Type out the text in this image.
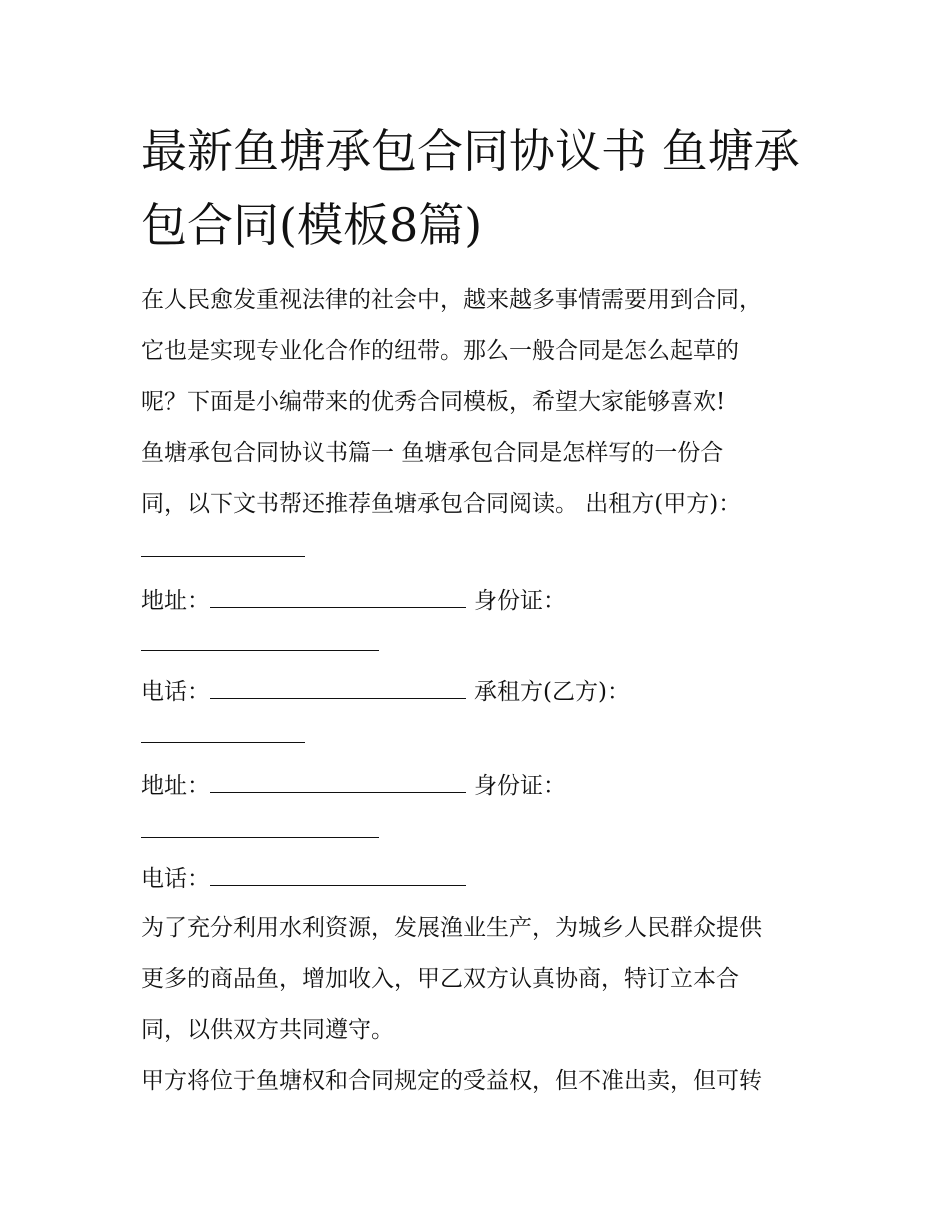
最新鱼塘承包合同协议书 鱼塘承包合同(模板8篇)
在人民愈发重视法律的社会中，越来越多事情需要用到合同，
它也是实现专业化合作的纽带。那么一般合同是怎么起草的
呢？下面是小编带来的优秀合同模板，希望大家能够喜欢!
鱼塘承包合同协议书篇一 鱼塘承包合同是怎样写的一份合
同，以下文书帮还推荐鱼塘承包合同阅读。 出租方(甲方)：
地址：	身份证：
电话：	承租方(乙方)：
地址：	身份证：
电话：
为了充分利用水利资源，发展渔业生产，为城乡人民群众提供
更多的商品鱼，增加收入，甲乙双方认真协商，特订立本合
同，以供双方共同遵守。
甲方将位于鱼塘权和合同规定的受益权，但不准出卖，但可转
